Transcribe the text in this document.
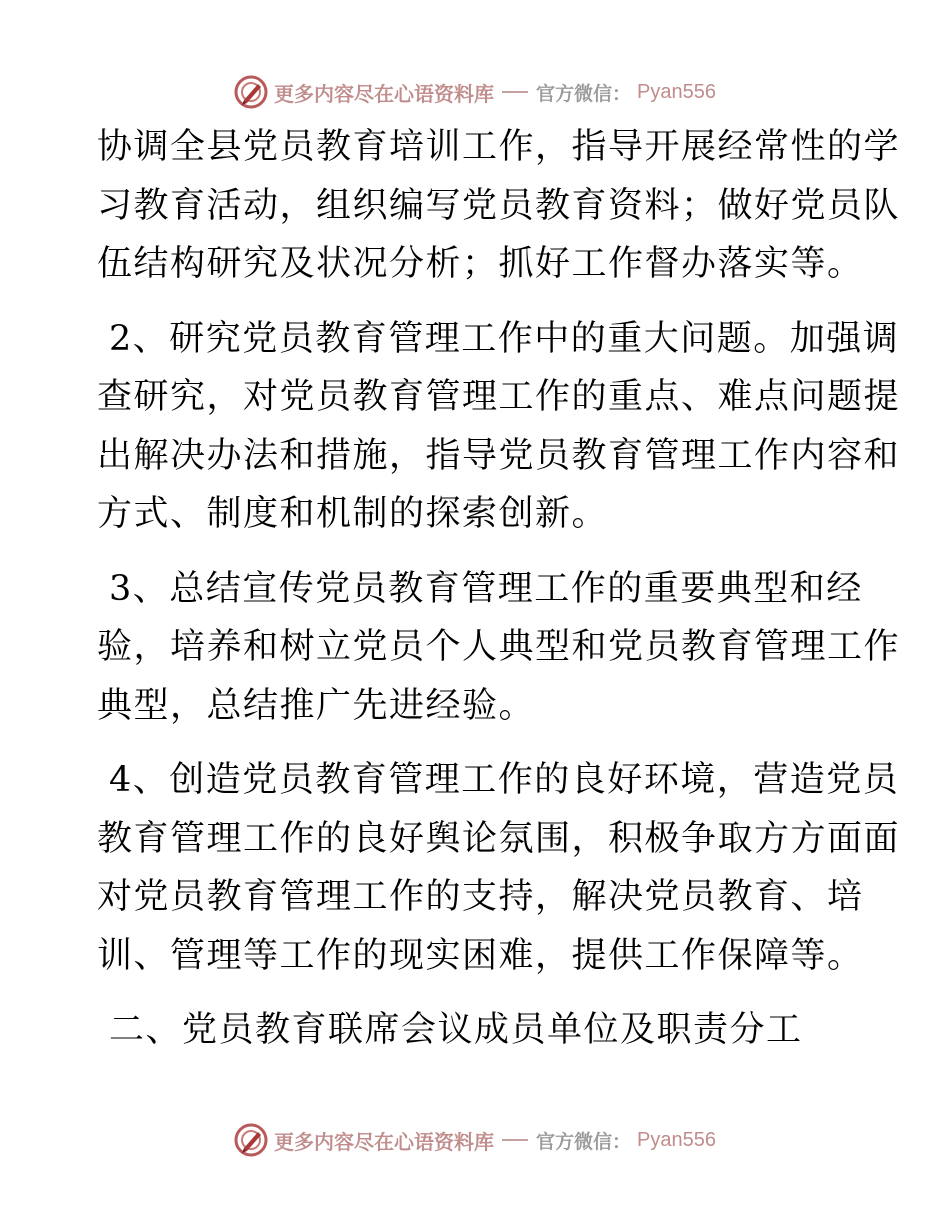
更多内容尽在心语资料库 官方微信： Pyan556

协调全县党员教育培训工作，指导开展经常性的学
习教育活动，组织编写党员教育资料；做好党员队
伍结构研究及状况分析；抓好工作督办落实等。

2、研究党员教育管理工作中的重大问题。加强调
查研究，对党员教育管理工作的重点、难点问题提
出解决办法和措施，指导党员教育管理工作内容和
方式、制度和机制的探索创新。

3、总结宣传党员教育管理工作的重要典型和经
验，培养和树立党员个人典型和党员教育管理工作
典型，总结推广先进经验。

4、创造党员教育管理工作的良好环境，营造党员
教育管理工作的良好舆论氛围，积极争取方方面面
对党员教育管理工作的支持，解决党员教育、培
训、管理等工作的现实困难，提供工作保障等。

二、党员教育联席会议成员单位及职责分工

更多内容尽在心语资料库 官方微信： Pyan556
